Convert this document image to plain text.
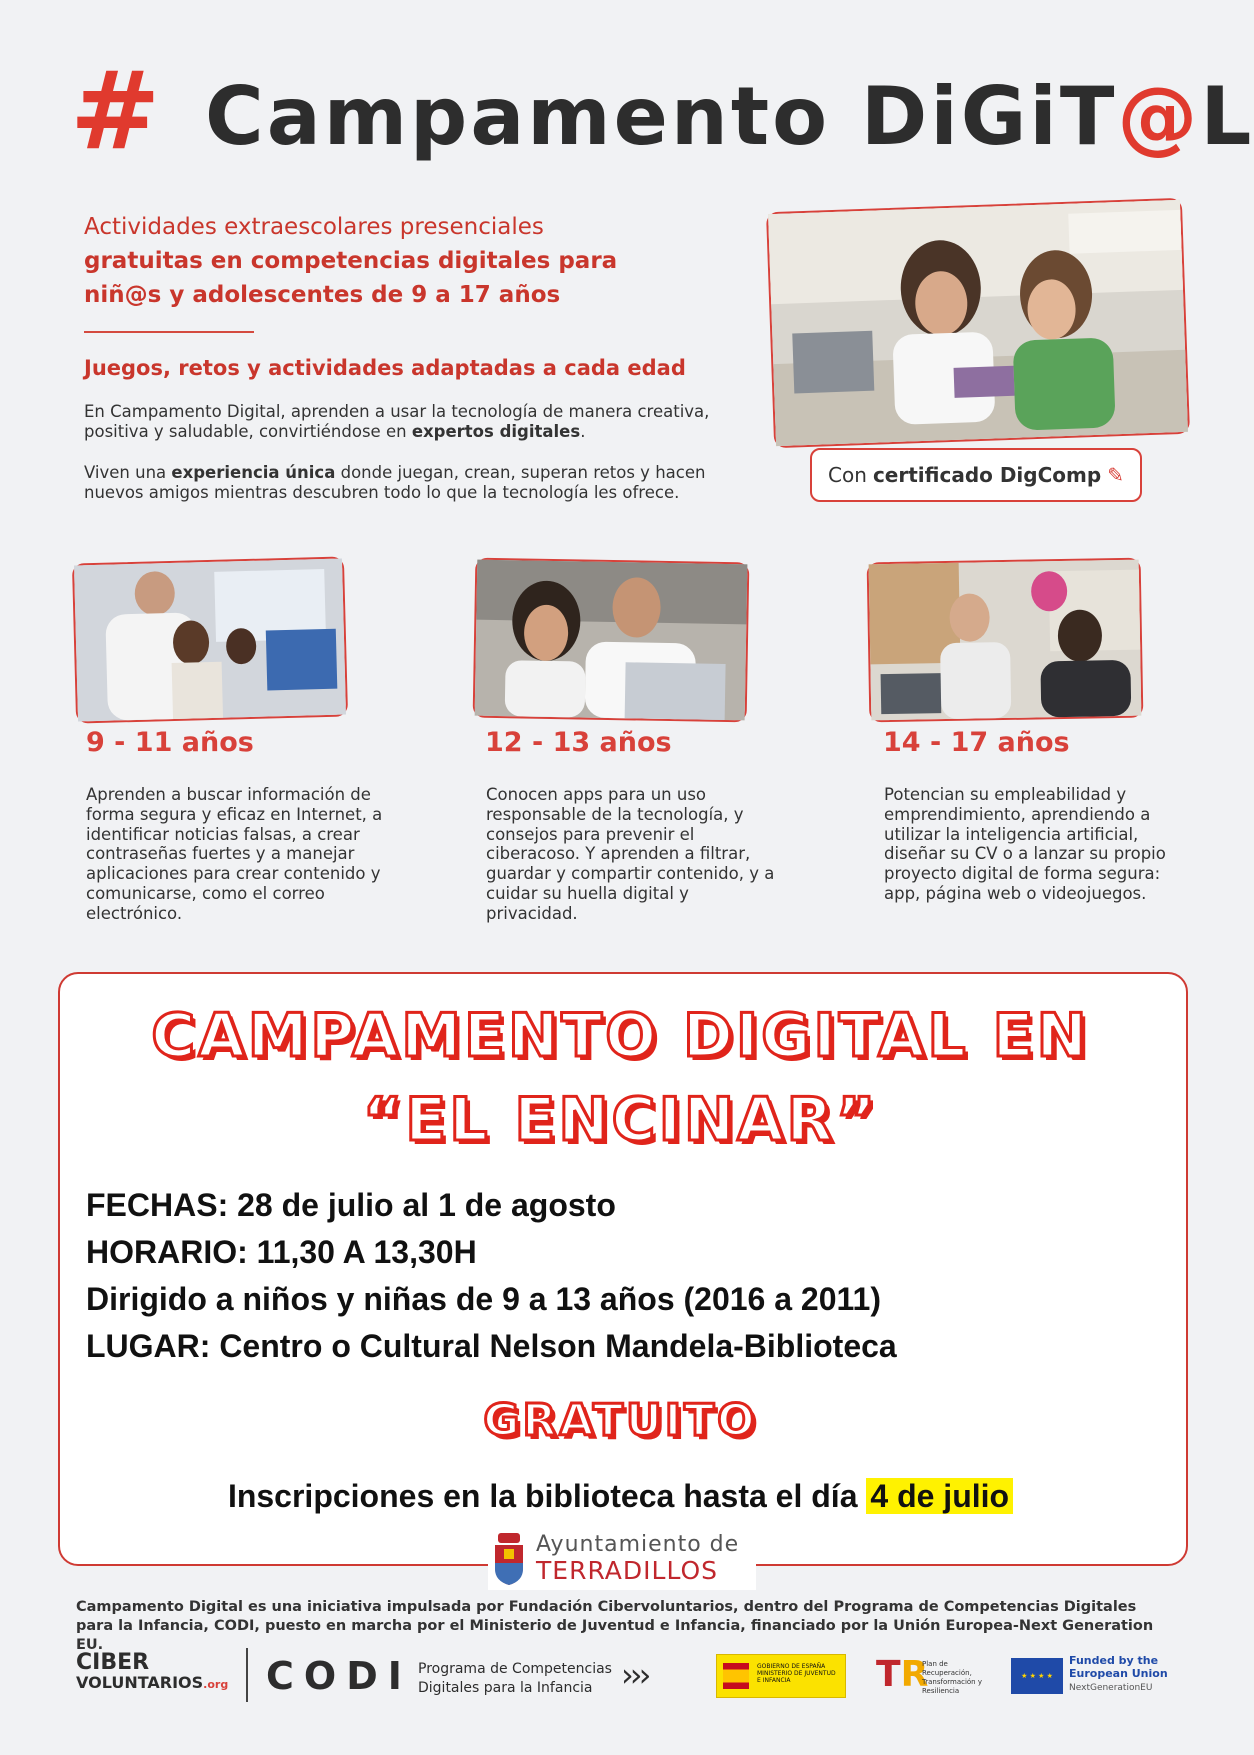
# Campamento DiGiT@L
Actividades extraescolares presenciales
gratuitas en competencias digitales para
niñ@s y adolescentes de 9 a 17 años
Juegos, retos y actividades adaptadas a cada edad
En Campamento Digital, aprenden a usar la tecnología de manera creativa, positiva y saludable, convirtiéndose en expertos digitales.
Viven una experiencia única donde juegan, crean, superan retos y hacen nuevos amigos mientras descubren todo lo que la tecnología les ofrece.
Con certificado DigComp ✎
9 - 11 años	12 - 13 años	14 - 17 años
Aprenden a buscar información de forma segura y eficaz en Internet, a identificar noticias falsas, a crear contraseñas fuertes y a manejar aplicaciones para crear contenido y comunicarse, como el correo electrónico.
Conocen apps para un uso responsable de la tecnología, y consejos para prevenir el ciberacoso. Y aprenden a filtrar, guardar y compartir contenido, y a cuidar su huella digital y privacidad.
Potencian su empleabilidad y emprendimiento, aprendiendo a utilizar la inteligencia artificial, diseñar su CV o a lanzar su propio proyecto digital de forma segura: app, página web o videojuegos.
CAMPAMENTO DIGITAL EN
“EL ENCINAR”
FECHAS: 28 de julio al 1 de agosto
HORARIO: 11,30 A 13,30H
Dirigido a niños y niñas de 9 a 13 años (2016 a 2011)
LUGAR: Centro o Cultural Nelson Mandela-Biblioteca
GRATUITO
Inscripciones en la biblioteca hasta el día 4 de julio
Ayuntamiento de
TERRADILLOS
Campamento Digital es una iniciativa impulsada por Fundación Cibervoluntarios, dentro del Programa de Competencias Digitales para la Infancia, CODI, puesto en marcha por el Ministerio de Juventud e Infancia, financiado por la Unión Europea-Next Generation EU.
CIBER
VOLUNTARIOS.org CODI Programa de Competencias
Digitales para la Infancia ›››	GOBIERNO DE ESPAÑA MINISTERIO DE JUVENTUD E INFANCIA	TR
Plan de Recuperación, Transformación y Resiliencia
★ ★ ★ ★
Funded by the
European Union
NextGenerationEU
